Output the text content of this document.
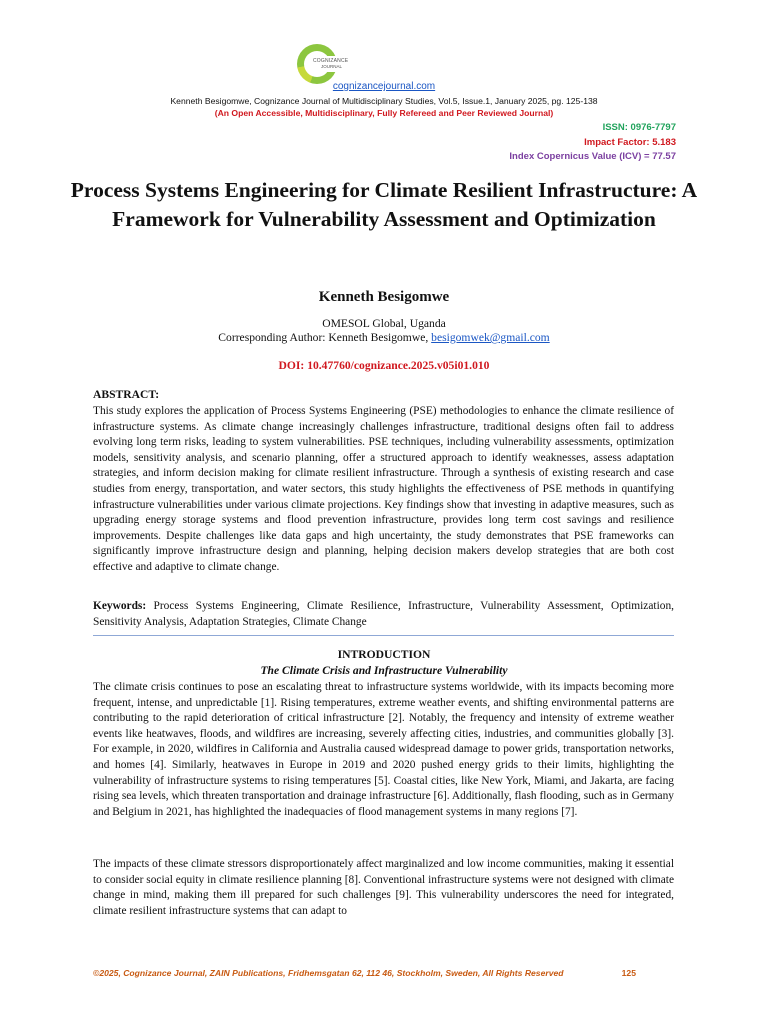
COGNIZANCE
JOURNAL
cognizancejournal.com
Kenneth Besigomwe, Cognizance Journal of Multidisciplinary Studies, Vol.5, Issue.1, January 2025, pg. 125-138
(An Open Accessible, Multidisciplinary, Fully Refereed and Peer Reviewed Journal)
ISSN: 0976-7797
Impact Factor: 5.183
Index Copernicus Value (ICV) = 77.57
Process Systems Engineering for Climate Resilient Infrastructure: A Framework for Vulnerability Assessment and Optimization
Kenneth Besigomwe
OMESOL Global, Uganda
Corresponding Author: Kenneth Besigomwe, besigomwek@gmail.com
DOI: 10.47760/cognizance.2025.v05i01.010
ABSTRACT:
This study explores the application of Process Systems Engineering (PSE) methodologies to enhance the climate resilience of infrastructure systems. As climate change increasingly challenges infrastructure, traditional designs often fail to address evolving long term risks, leading to system vulnerabilities. PSE techniques, including vulnerability assessments, optimization models, sensitivity analysis, and scenario planning, offer a structured approach to identify weaknesses, assess adaptation strategies, and inform decision making for climate resilient infrastructure. Through a synthesis of existing research and case studies from energy, transportation, and water sectors, this study highlights the effectiveness of PSE methods in quantifying infrastructure vulnerabilities under various climate projections. Key findings show that investing in adaptive measures, such as upgrading energy storage systems and flood prevention infrastructure, provides long term cost savings and resilience improvements. Despite challenges like data gaps and high uncertainty, the study demonstrates that PSE frameworks can significantly improve infrastructure design and planning, helping decision makers develop strategies that are both cost effective and adaptive to climate change.
Keywords: Process Systems Engineering, Climate Resilience, Infrastructure, Vulnerability Assessment, Optimization, Sensitivity Analysis, Adaptation Strategies, Climate Change
INTRODUCTION
The Climate Crisis and Infrastructure Vulnerability
The climate crisis continues to pose an escalating threat to infrastructure systems worldwide, with its impacts becoming more frequent, intense, and unpredictable [1]. Rising temperatures, extreme weather events, and shifting environmental patterns are contributing to the rapid deterioration of critical infrastructure [2]. Notably, the frequency and intensity of extreme weather events like heatwaves, floods, and wildfires are increasing, severely affecting cities, industries, and communities globally [3]. For example, in 2020, wildfires in California and Australia caused widespread damage to power grids, transportation networks, and homes [4]. Similarly, heatwaves in Europe in 2019 and 2020 pushed energy grids to their limits, highlighting the vulnerability of infrastructure systems to rising temperatures [5]. Coastal cities, like New York, Miami, and Jakarta, are facing rising sea levels, which threaten transportation and drainage infrastructure [6]. Additionally, flash flooding, such as in Germany and Belgium in 2021, has highlighted the inadequacies of flood management systems in many regions [7].
The impacts of these climate stressors disproportionately affect marginalized and low income communities, making it essential to consider social equity in climate resilience planning [8]. Conventional infrastructure systems were not designed with climate change in mind, making them ill prepared for such challenges [9]. This vulnerability underscores the need for integrated, climate resilient infrastructure systems that can adapt to
©2025, Cognizance Journal, ZAIN Publications, Fridhemsgatan 62, 112 46, Stockholm, Sweden, All Rights Reserved	125
